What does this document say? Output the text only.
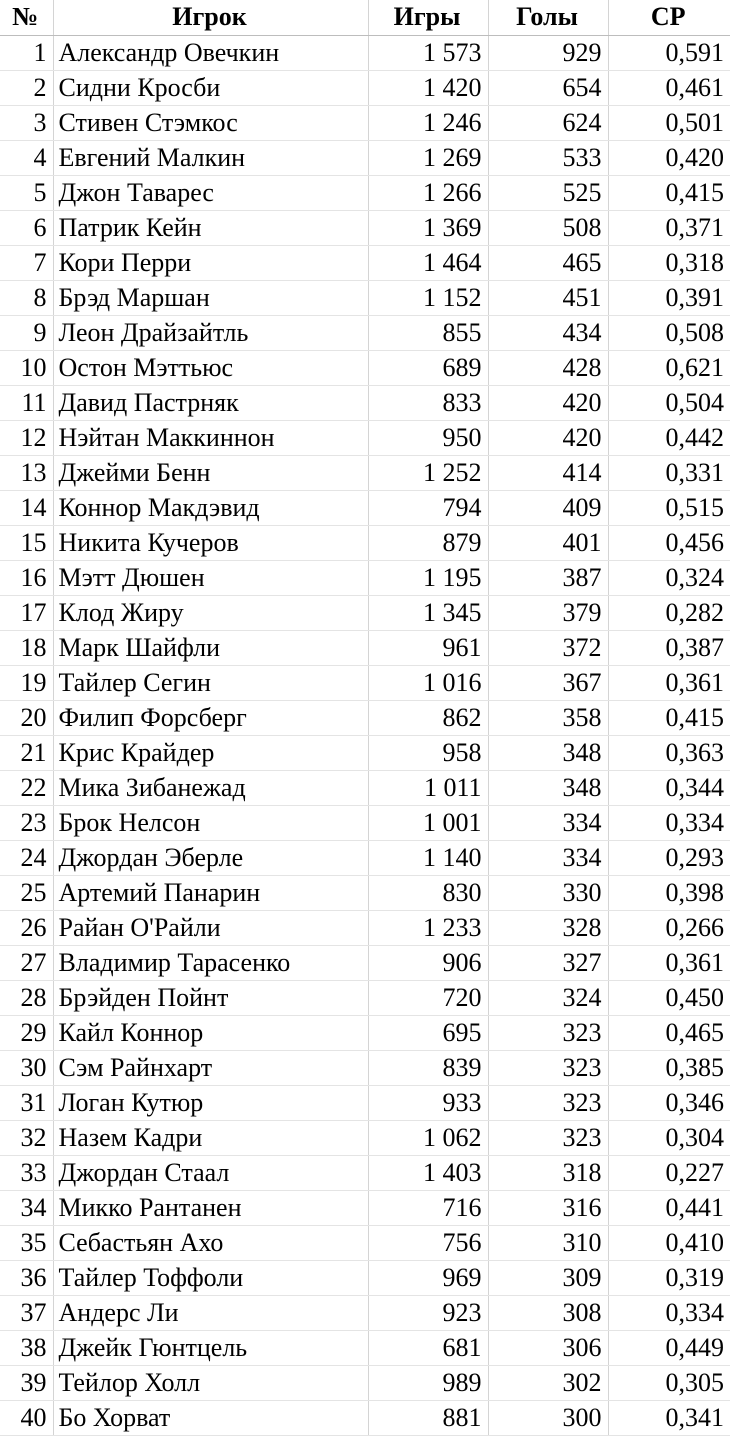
№	Игрок	Игры	Голы	СР
1	Александр Овечкин	1 573	929	0,591
2	Сидни Кросби	1 420	654	0,461
3	Стивен Стэмкос	1 246	624	0,501
4	Евгений Малкин	1 269	533	0,420
5	Джон Таварес	1 266	525	0,415
6	Патрик Кейн	1 369	508	0,371
7	Кори Перри	1 464	465	0,318
8	Брэд Маршан	1 152	451	0,391
9	Леон Драйзайтль	855	434	0,508
10	Остон Мэттьюс	689	428	0,621
11	Давид Пастрняк	833	420	0,504
12	Нэйтан Маккиннон	950	420	0,442
13	Джейми Бенн	1 252	414	0,331
14	Коннор Макдэвид	794	409	0,515
15	Никита Кучеров	879	401	0,456
16	Мэтт Дюшен	1 195	387	0,324
17	Клод Жиру	1 345	379	0,282
18	Марк Шайфли	961	372	0,387
19	Тайлер Сегин	1 016	367	0,361
20	Филип Форсберг	862	358	0,415
21	Крис Крайдер	958	348	0,363
22	Мика Зибанежад	1 011	348	0,344
23	Брок Нелсон	1 001	334	0,334
24	Джордан Эберле	1 140	334	0,293
25	Артемий Панарин	830	330	0,398
26	Райан О'Райли	1 233	328	0,266
27	Владимир Тарасенко	906	327	0,361
28	Брэйден Пойнт	720	324	0,450
29	Кайл Коннор	695	323	0,465
30	Сэм Райнхарт	839	323	0,385
31	Логан Кутюр	933	323	0,346
32	Назем Кадри	1 062	323	0,304
33	Джордан Стаал	1 403	318	0,227
34	Микко Рантанен	716	316	0,441
35	Себастьян Ахо	756	310	0,410
36	Тайлер Тоффоли	969	309	0,319
37	Андерс Ли	923	308	0,334
38	Джейк Гюнтцель	681	306	0,449
39	Тейлор Холл	989	302	0,305
40	Бо Хорват	881	300	0,341
